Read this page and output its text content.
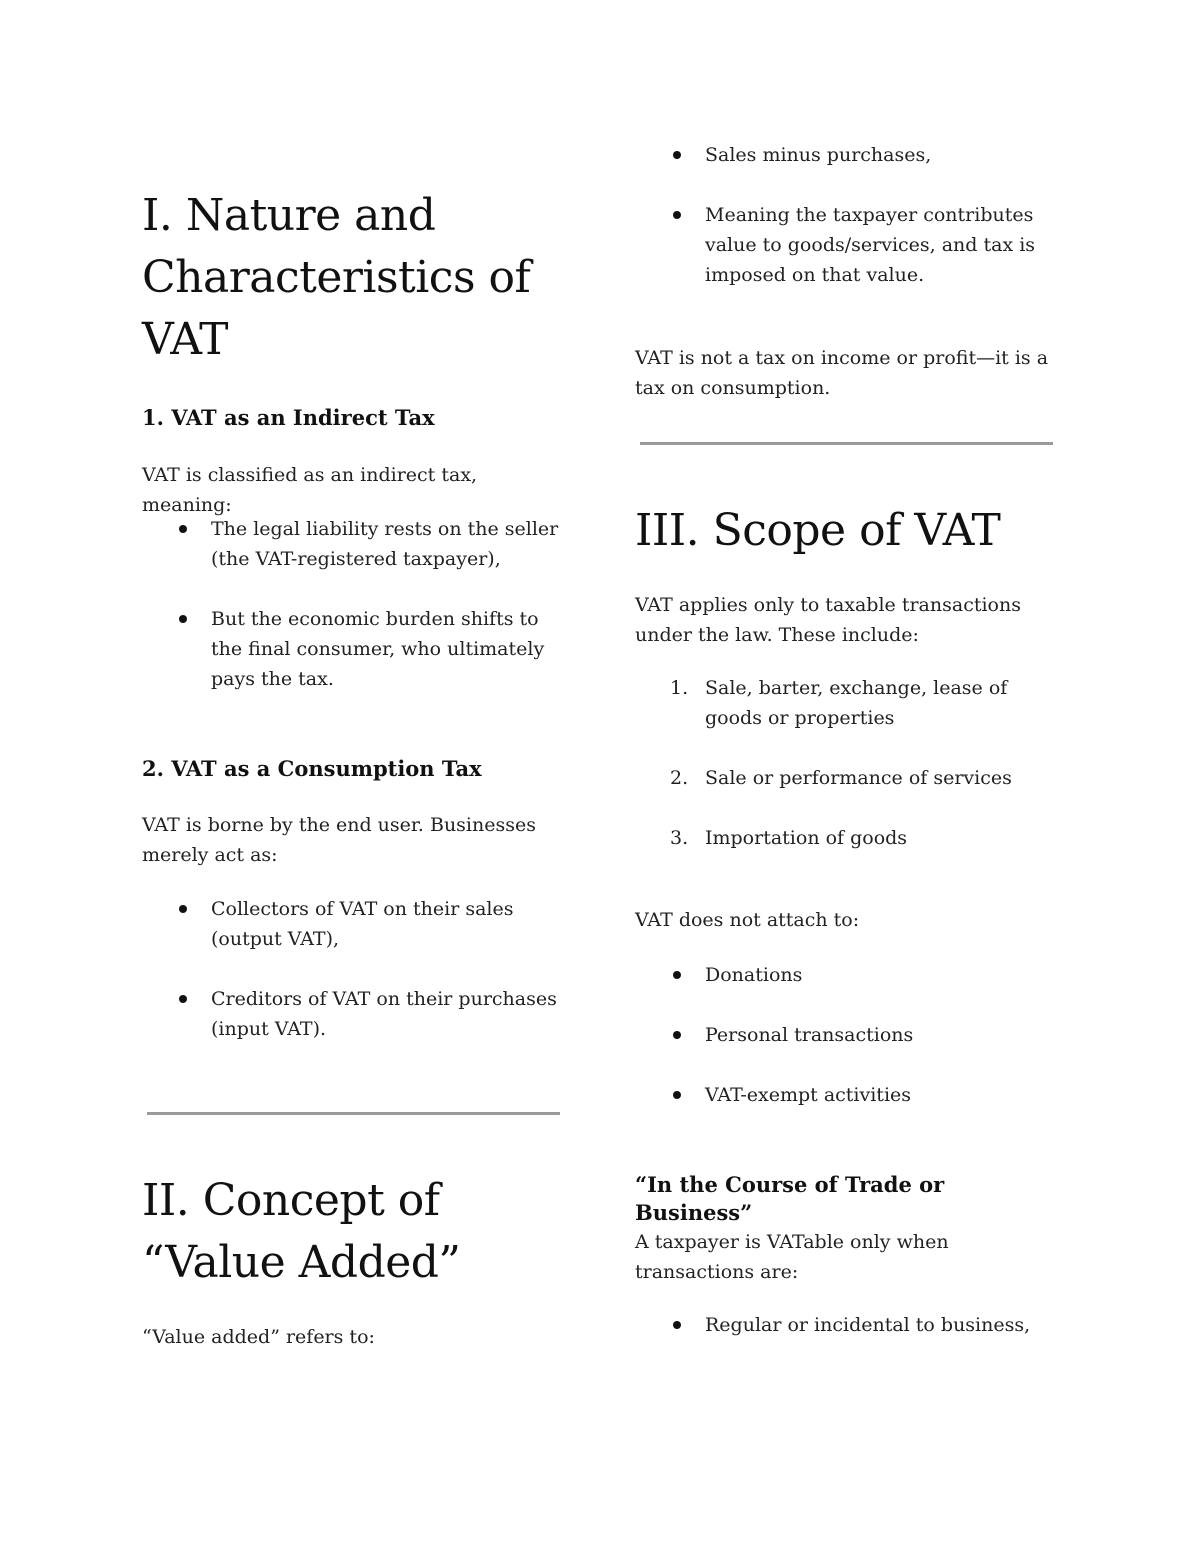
I. Nature and Characteristics of VAT
1. VAT as an Indirect Tax

VAT is classified as an indirect tax, meaning:

The legal liability rests on the seller (the VAT-registered taxpayer),

But the economic burden shifts to the final consumer, who ultimately pays the tax.

2. VAT as a Consumption Tax

VAT is borne by the end user. Businesses merely act as:

Collectors of VAT on their sales (output VAT),

Creditors of VAT on their purchases (input VAT).

II. Concept of “Value Added”

“Value added” refers to:

Sales minus purchases,

Meaning the taxpayer contributes value to goods/services, and tax is imposed on that value.

VAT is not a tax on income or profit—it is a tax on consumption.

III. Scope of VAT

VAT applies only to taxable transactions under the law. These include:

1. Sale, barter, exchange, lease of goods or properties

2. Sale or performance of services

3. Importation of goods

VAT does not attach to:

Donations

Personal transactions

VAT-exempt activities

“In the Course of Trade or Business”

A taxpayer is VATable only when transactions are:

Regular or incidental to business,
